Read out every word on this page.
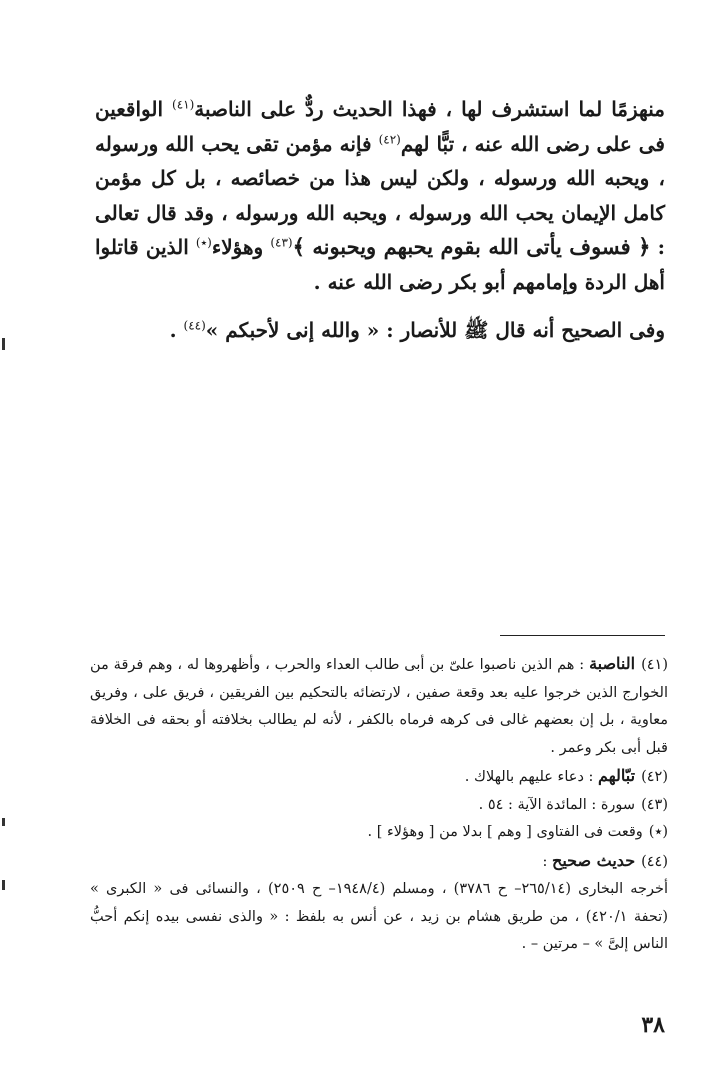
منهزمًا لما استشرف لها ، فهذا الحديث ردٌّ على الناصبة$^{(٤١)}$ الواقعين فى على رضى الله عنه ، تبًّا لهم$^{(٤٢)}$ فإنه مؤمن تقى يحب الله ورسوله ، ويحبه الله ورسوله ، ولكن ليس هذا من خصائصه ، بل كل مؤمن كامل الإيمان يحب الله ورسوله ، ويحبه الله ورسوله ، وقد قال تعالى : ﴿ فسوف يأتى الله بقوم يحبهم ويحبونه ﴾$^{(٤٣)}$ وهؤلاء(٭) الذين قاتلوا أهل الردة وإمامهم أبو بكر رضى الله عنه .

وفى الصحيح أنه قال ﷺ للأنصار : « والله إنى لأحبكم »$^{(٤٤)}$ .

(٤١)الناصبة : هم الذين ناصبوا علىّ بن أبى طالب العداء والحرب ، وأظهروها له ، وهم فرقة من الخوارج الذين خرجوا عليه بعد وقعة صفين ، لارتضائه بالتحكيم بين الفريقين ، فريق على ، وفريق معاوية ، بل إن بعضهم غالى فى كرهه فرماه بالكفر ، لأنه لم يطالب بخلافته أو بحقه فى الخلافة قبل أبى بكر وعمر .

(٤٢)تبّالهم : دعاء عليهم بالهلاك .

(٤٣)سورة : المائدة الآية : ٥٤ .

(٭)وقعت فى الفتاوى [ وهم ] بدلا من [ وهؤلاء ] .

(٤٤)حديث صحيح :

أخرجه البخارى (٢٦٥/١٤– ح ٣٧٨٦) ، ومسلم (١٩٤٨/٤– ح ٢٥٠٩) ، والنسائى فى « الكبرى » (تحفة ٤٢٠/١) ، من طريق هشام بن زيد ، عن أنس به بلفظ : « والذى نفسى بيده إنكم أحبُّ الناس إلىَّ » – مرتين – .

٣٨
